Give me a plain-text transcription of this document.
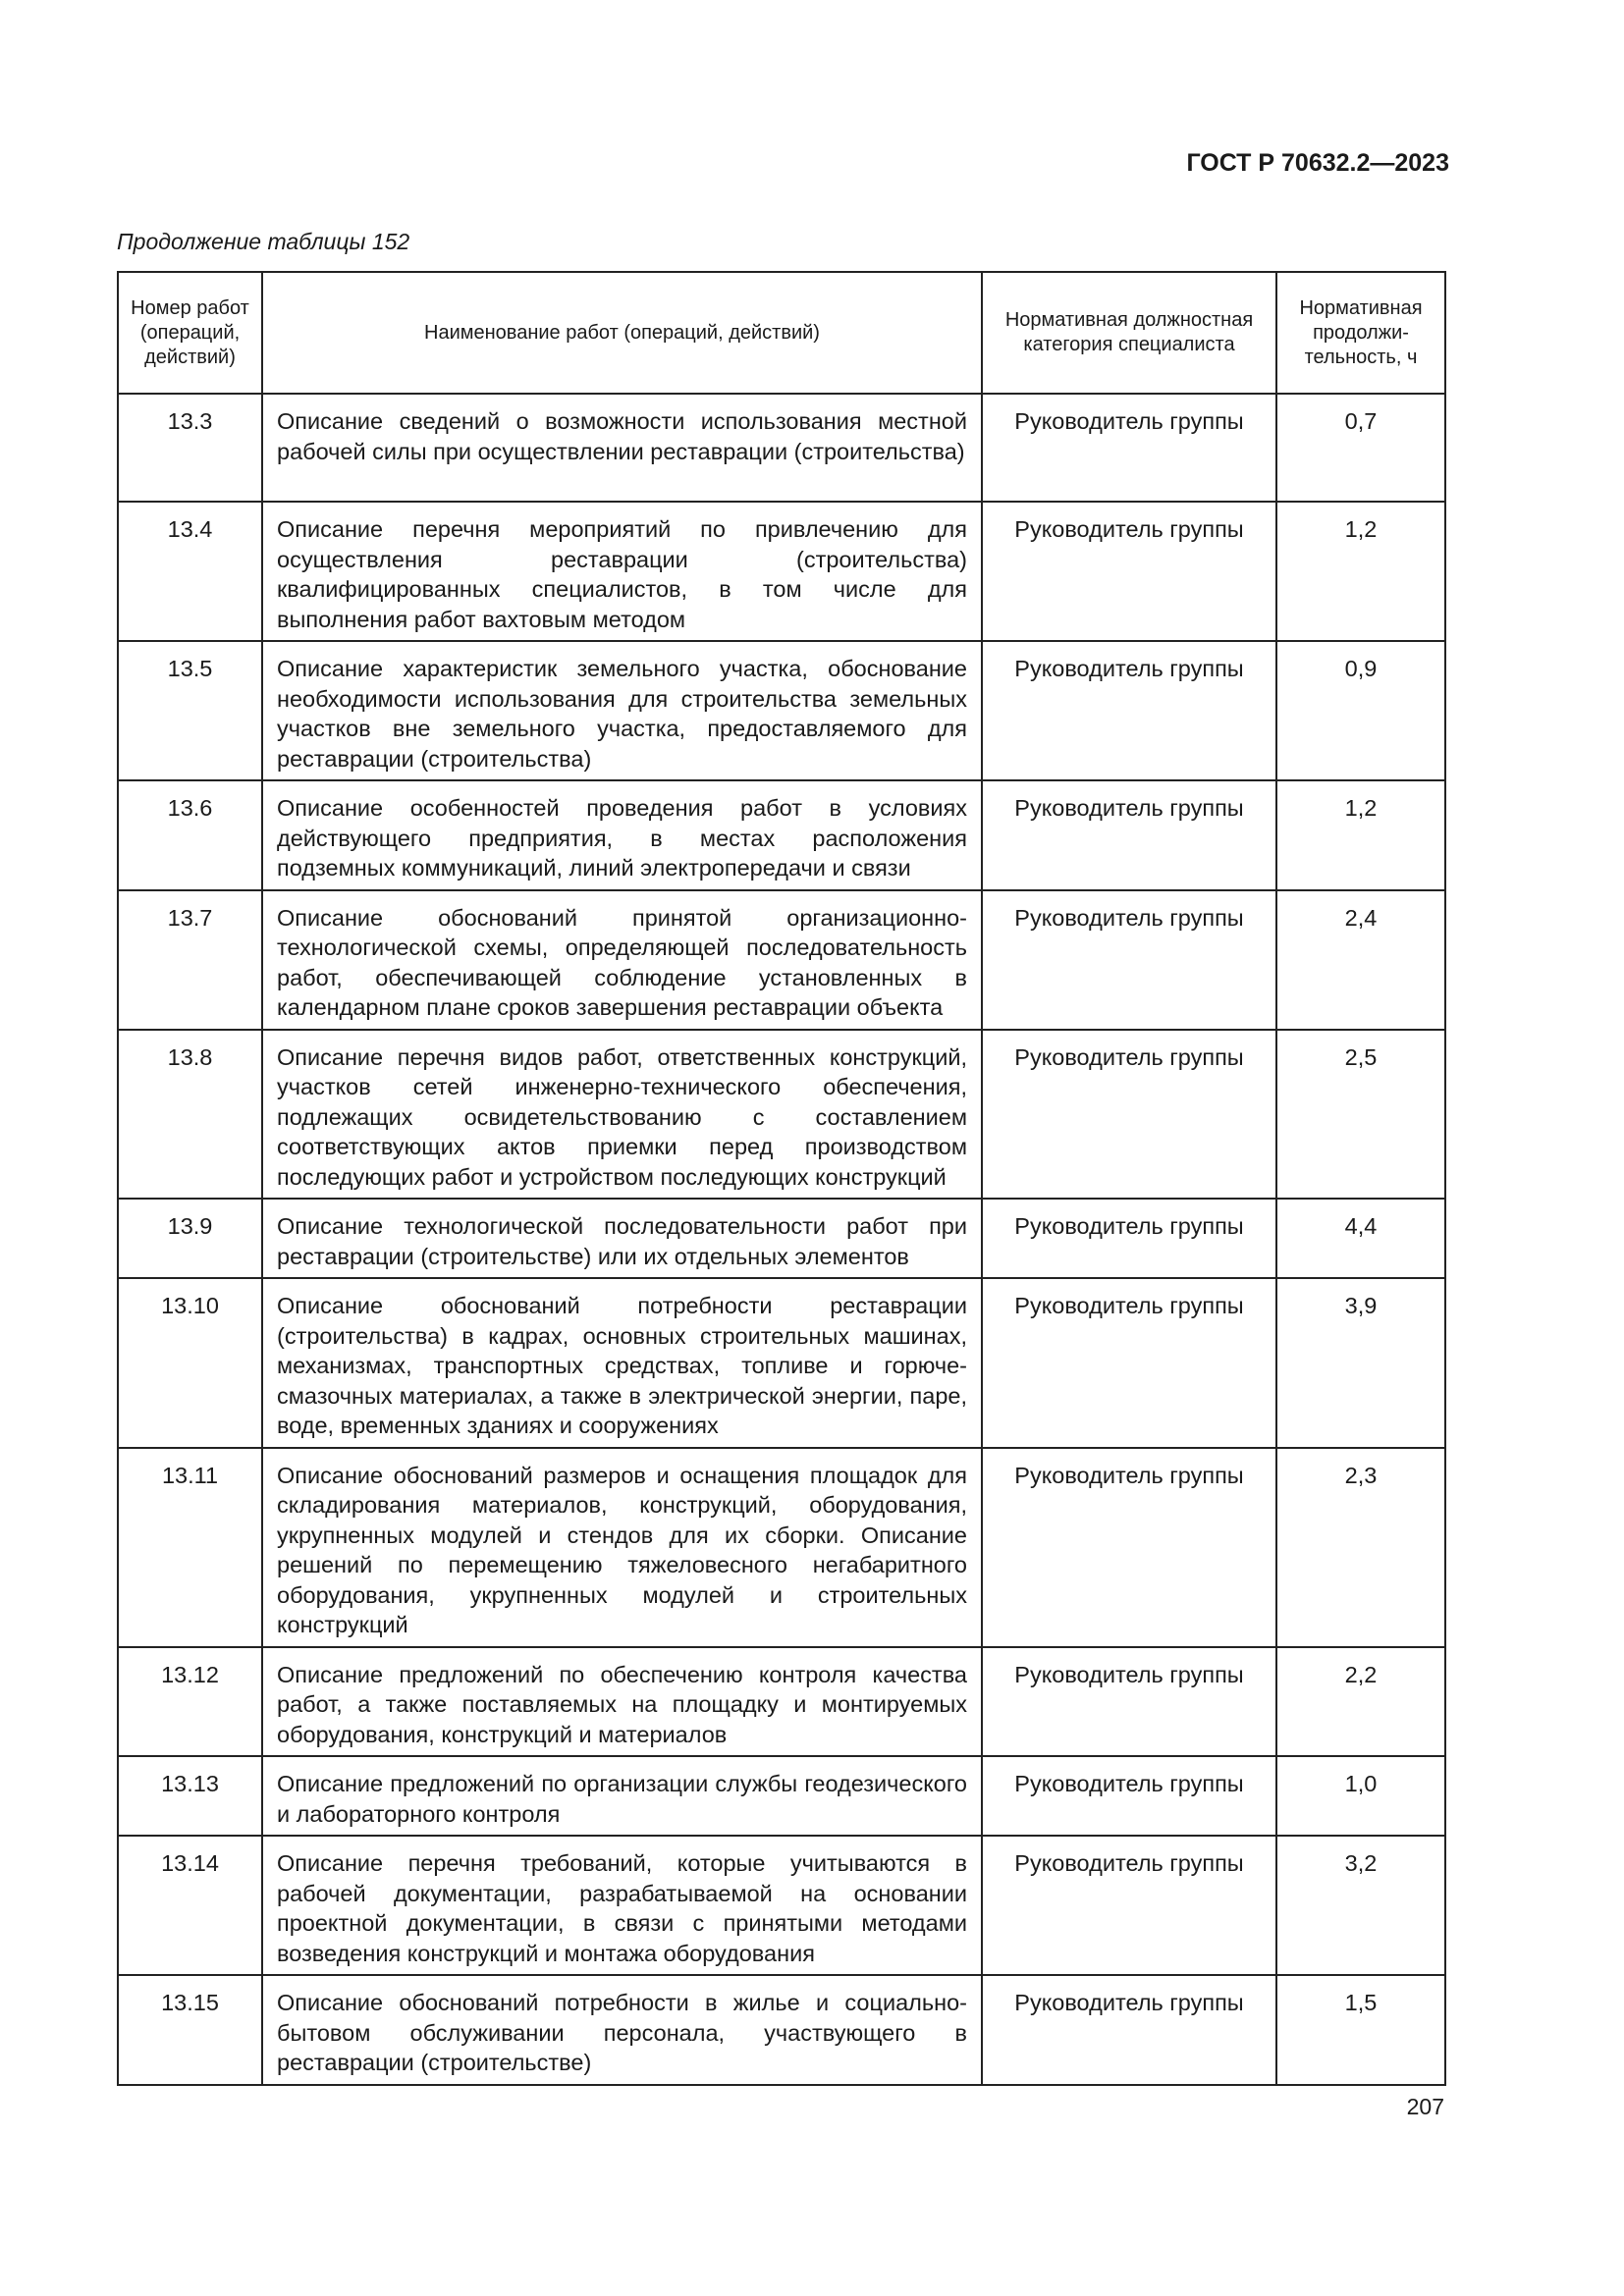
ГОСТ Р 70632.2—2023
Продолжение таблицы 152
Номер работ (операций, действий)	Наименование работ (операций, действий)	Нормативная должностная категория специалиста	Нормативная продолжи-тельность, ч
13.3	Описание сведений о возможности использования местной рабочей силы при осуществлении реставрации (строительства)	Руководитель группы	0,7
13.4	Описание перечня мероприятий по привлечению для осуществления реставрации (строительства) квалифицированных специалистов, в том числе для выполнения работ вахтовым методом	Руководитель группы	1,2
13.5	Описание характеристик земельного участка, обоснование необходимости использования для строительства земельных участков вне земельного участка, предоставляемого для реставрации (строительства)	Руководитель группы	0,9
13.6	Описание особенностей проведения работ в условиях действующего предприятия, в местах расположения подземных коммуникаций, линий электропередачи и связи	Руководитель группы	1,2
13.7	Описание обоснований принятой организационно-технологической схемы, определяющей последовательность работ, обеспечивающей соблюдение установленных в календарном плане сроков завершения реставрации объекта	Руководитель группы	2,4
13.8	Описание перечня видов работ, ответственных конструкций, участков сетей инженерно-технического обеспечения, подлежащих освидетельствованию с составлением соответствующих актов приемки перед производством последующих работ и устройством последующих конструкций	Руководитель группы	2,5
13.9	Описание технологической последовательности работ при реставрации (строительстве) или их отдельных элементов	Руководитель группы	4,4
13.10	Описание обоснований потребности реставрации (строительства) в кадрах, основных строительных машинах, механизмах, транспортных средствах, топливе и горюче-смазочных материалах, а также в электрической энергии, паре, воде, временных зданиях и сооружениях	Руководитель группы	3,9
13.11	Описание обоснований размеров и оснащения площадок для складирования материалов, конструкций, оборудования, укрупненных модулей и стендов для их сборки. Описание решений по перемещению тяжеловесного негабаритного оборудования, укрупненных модулей и строительных конструкций	Руководитель группы	2,3
13.12	Описание предложений по обеспечению контроля качества работ, а также поставляемых на площадку и монтируемых оборудования, конструкций и материалов	Руководитель группы	2,2
13.13	Описание предложений по организации службы геодезического и лабораторного контроля	Руководитель группы	1,0
13.14	Описание перечня требований, которые учитываются в рабочей документации, разрабатываемой на основании проектной документации, в связи с принятыми методами возведения конструкций и монтажа оборудования	Руководитель группы	3,2
13.15	Описание обоснований потребности в жилье и социально-бытовом обслуживании персонала, участвующего в реставрации (строительстве)	Руководитель группы	1,5
207
